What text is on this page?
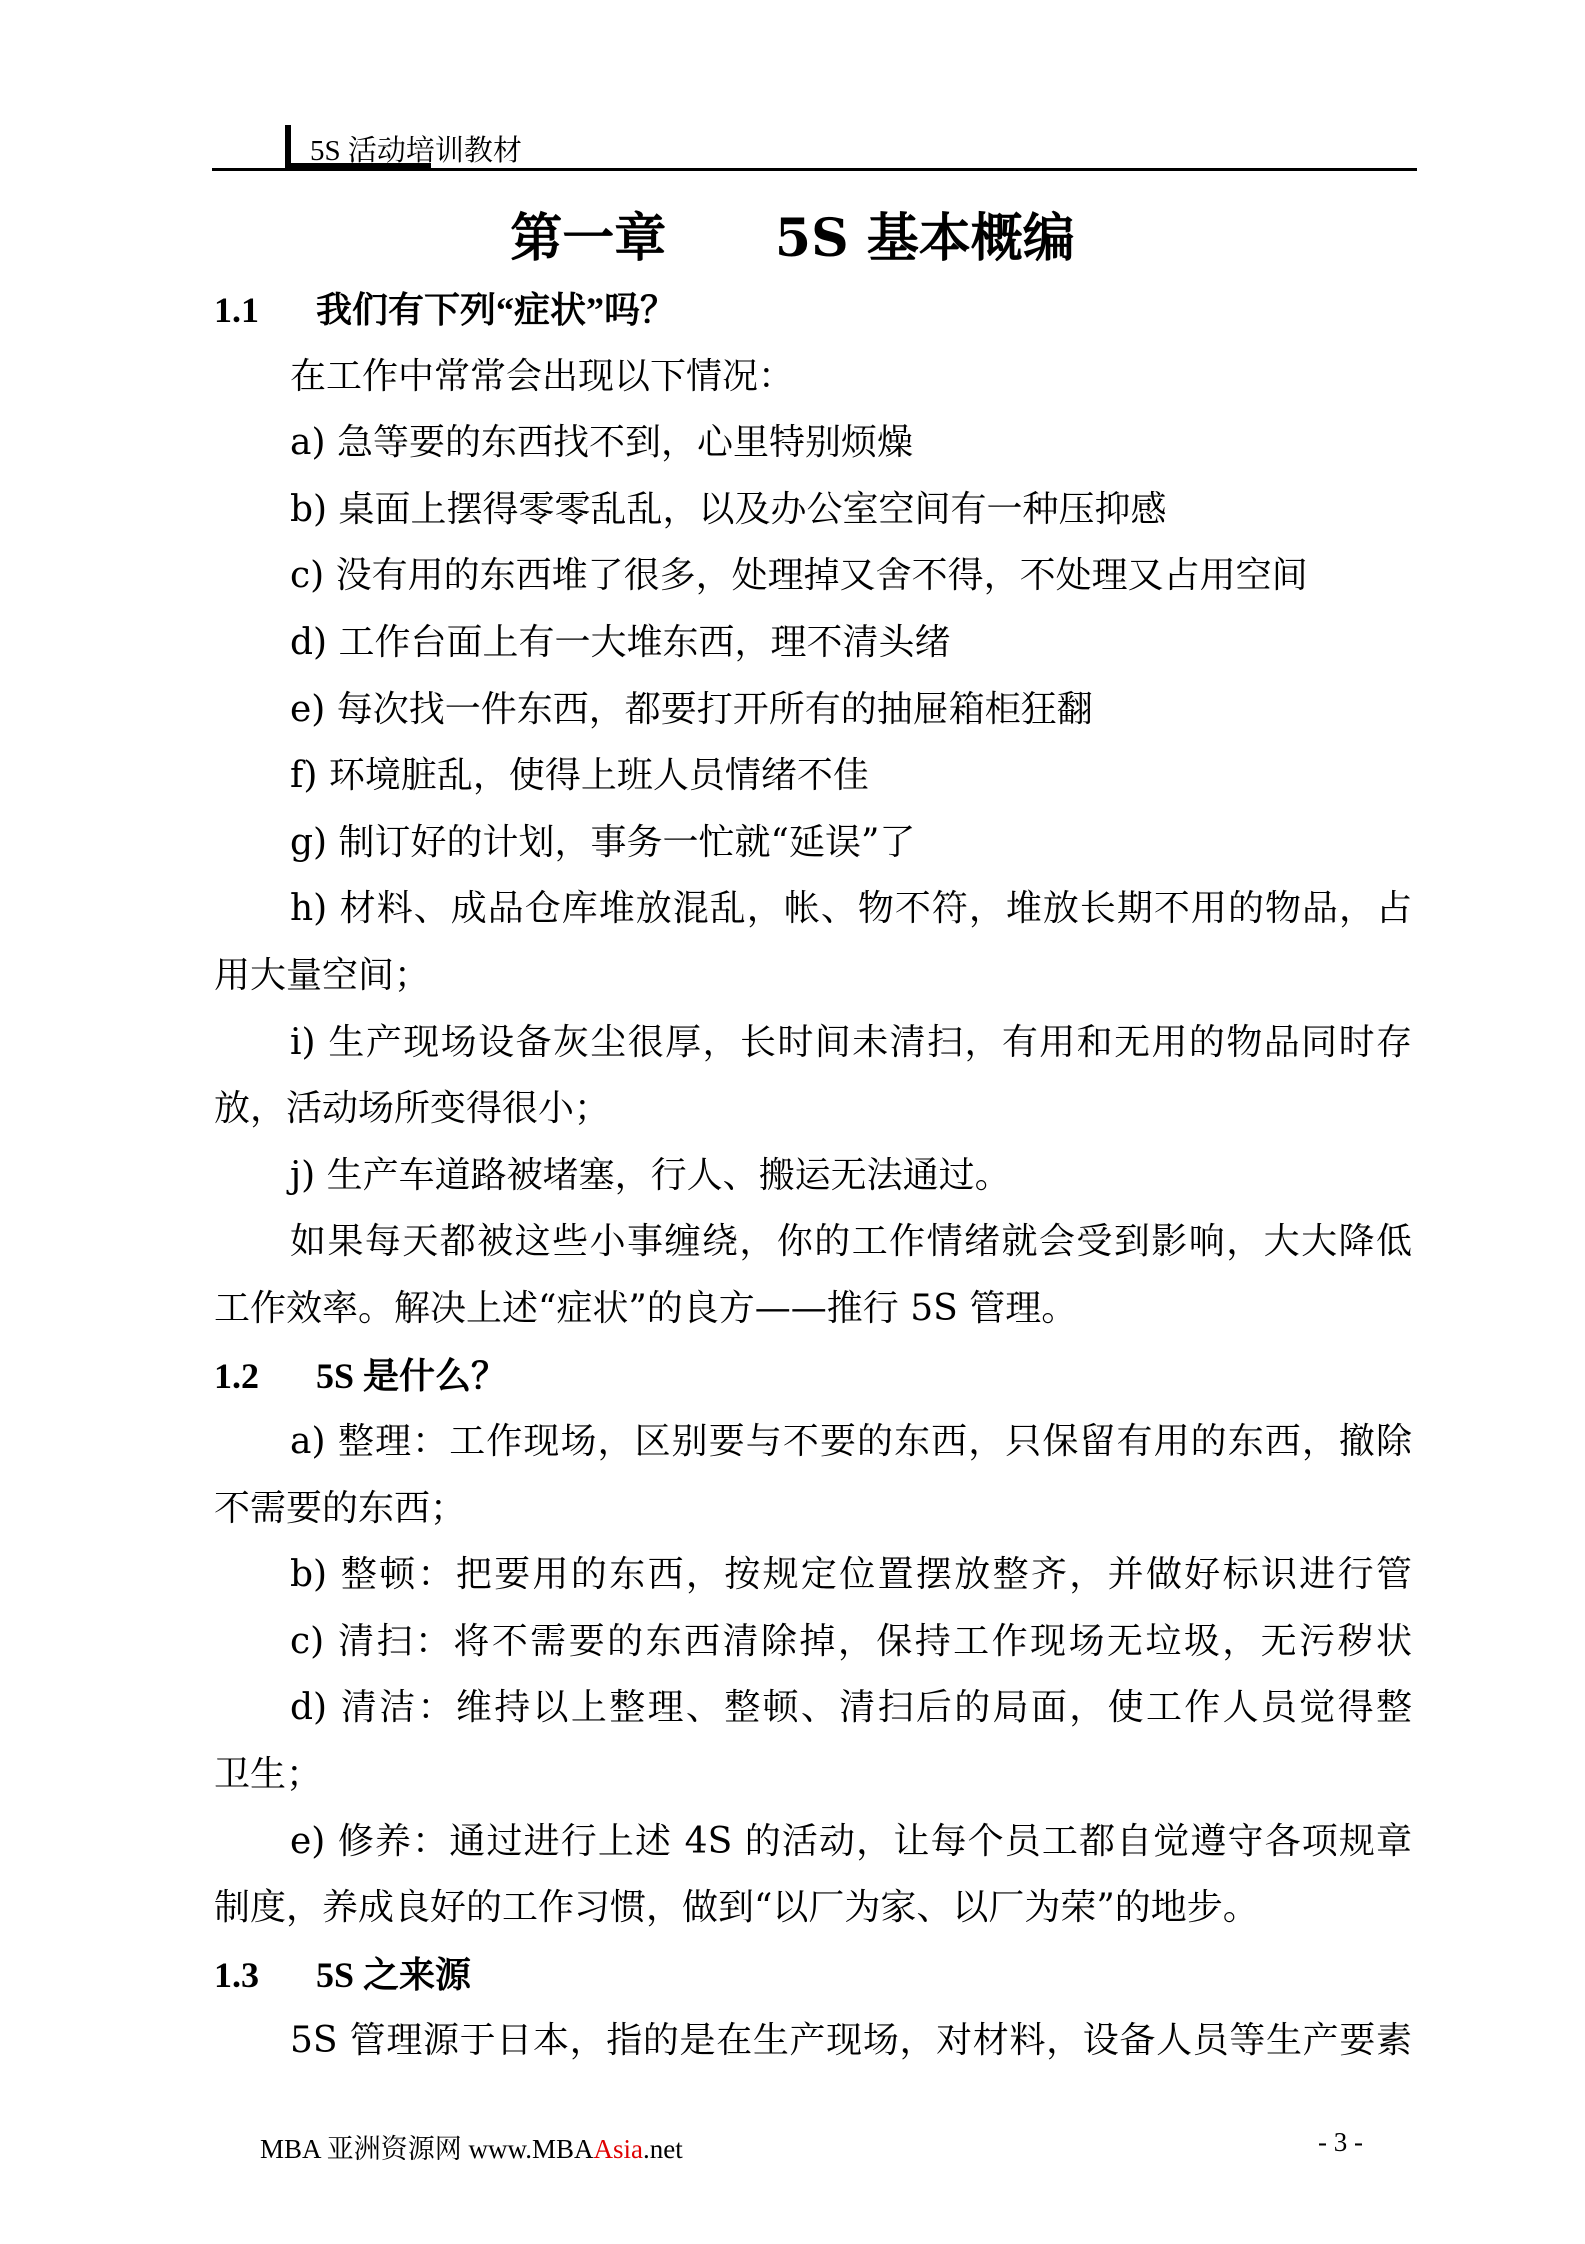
5S 活动培训教材
第一章 5S 基本概编
1.1 我们有下列“症状”吗？
在工作中常常会出现以下情况：
a) 急等要的东西找不到，心里特别烦燥
b) 桌面上摆得零零乱乱，以及办公室空间有一种压抑感
c) 没有用的东西堆了很多，处理掉又舍不得，不处理又占用空间
d) 工作台面上有一大堆东西，理不清头绪
e) 每次找一件东西，都要打开所有的抽屉箱柜狂翻
f) 环境脏乱，使得上班人员情绪不佳
g) 制订好的计划，事务一忙就“延误”了
h) 材料、成品仓库堆放混乱，帐、物不符，堆放长期不用的物品，占
用大量空间；
i) 生产现场设备灰尘很厚，长时间未清扫，有用和无用的物品同时存
放，活动场所变得很小；
j) 生产车道路被堵塞，行人、搬运无法通过。
如果每天都被这些小事缠绕，你的工作情绪就会受到影响，大大降低
工作效率。解决上述“症状”的良方——推行 5S 管理。
1.2 5S 是什么？
a) 整理：工作现场，区别要与不要的东西，只保留有用的东西，撤除
不需要的东西；
b) 整顿：把要用的东西，按规定位置摆放整齐，并做好标识进行管
c) 清扫：将不需要的东西清除掉，保持工作现场无垃圾，无污秽状
d) 清洁：维持以上整理、整顿、清扫后的局面，使工作人员觉得整
卫生；
e) 修养：通过进行上述 4S 的活动，让每个员工都自觉遵守各项规章
制度，养成良好的工作习惯，做到“以厂为家、以厂为荣”的地步。
1.3 5S 之来源
5S 管理源于日本，指的是在生产现场，对材料，设备人员等生产要素
MBA 亚洲资源网 www.MBAAsia.net	- 3 -
